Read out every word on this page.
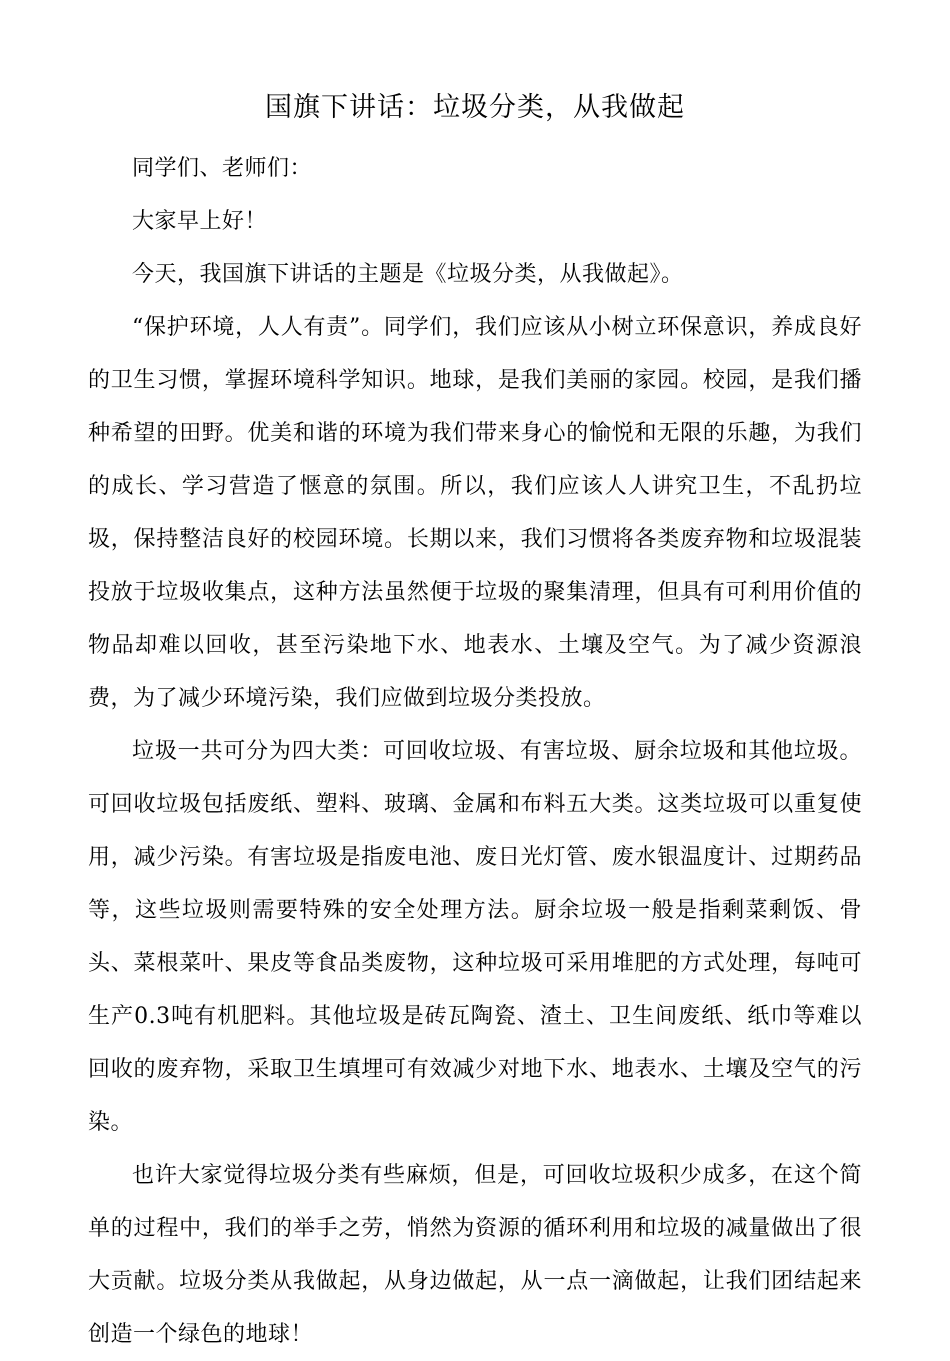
国旗下讲话：垃圾分类，从我做起

同学们、老师们：

大家早上好！

今天，我国旗下讲话的主题是《垃圾分类，从我做起》。

“保护环境，人人有责”。同学们，我们应该从小树立环保意识，养成良好的卫生习惯，掌握环境科学知识。地球，是我们美丽的家园。校园，是我们播种希望的田野。优美和谐的环境为我们带来身心的愉悦和无限的乐趣，为我们的成长、学习营造了惬意的氛围。所以，我们应该人人讲究卫生，不乱扔垃圾，保持整洁良好的校园环境。长期以来，我们习惯将各类废弃物和垃圾混装投放于垃圾收集点，这种方法虽然便于垃圾的聚集清理，但具有可利用价值的物品却难以回收，甚至污染地下水、地表水、土壤及空气。为了减少资源浪费，为了减少环境污染，我们应做到垃圾分类投放。

垃圾一共可分为四大类：可回收垃圾、有害垃圾、厨余垃圾和其他垃圾。可回收垃圾包括废纸、塑料、玻璃、金属和布料五大类。这类垃圾可以重复使用，减少污染。有害垃圾是指废电池、废日光灯管、废水银温度计、过期药品等，这些垃圾则需要特殊的安全处理方法。厨余垃圾一般是指剩菜剩饭、骨头、菜根菜叶、果皮等食品类废物，这种垃圾可采用堆肥的方式处理，每吨可生产0.3吨有机肥料。其他垃圾是砖瓦陶瓷、渣土、卫生间废纸、纸巾等难以回收的废弃物，采取卫生填埋可有效减少对地下水、地表水、土壤及空气的污染。

也许大家觉得垃圾分类有些麻烦，但是，可回收垃圾积少成多，在这个简单的过程中，我们的举手之劳，悄然为资源的循环利用和垃圾的减量做出了很大贡献。垃圾分类从我做起，从身边做起，从一点一滴做起，让我们团结起来创造一个绿色的地球！
